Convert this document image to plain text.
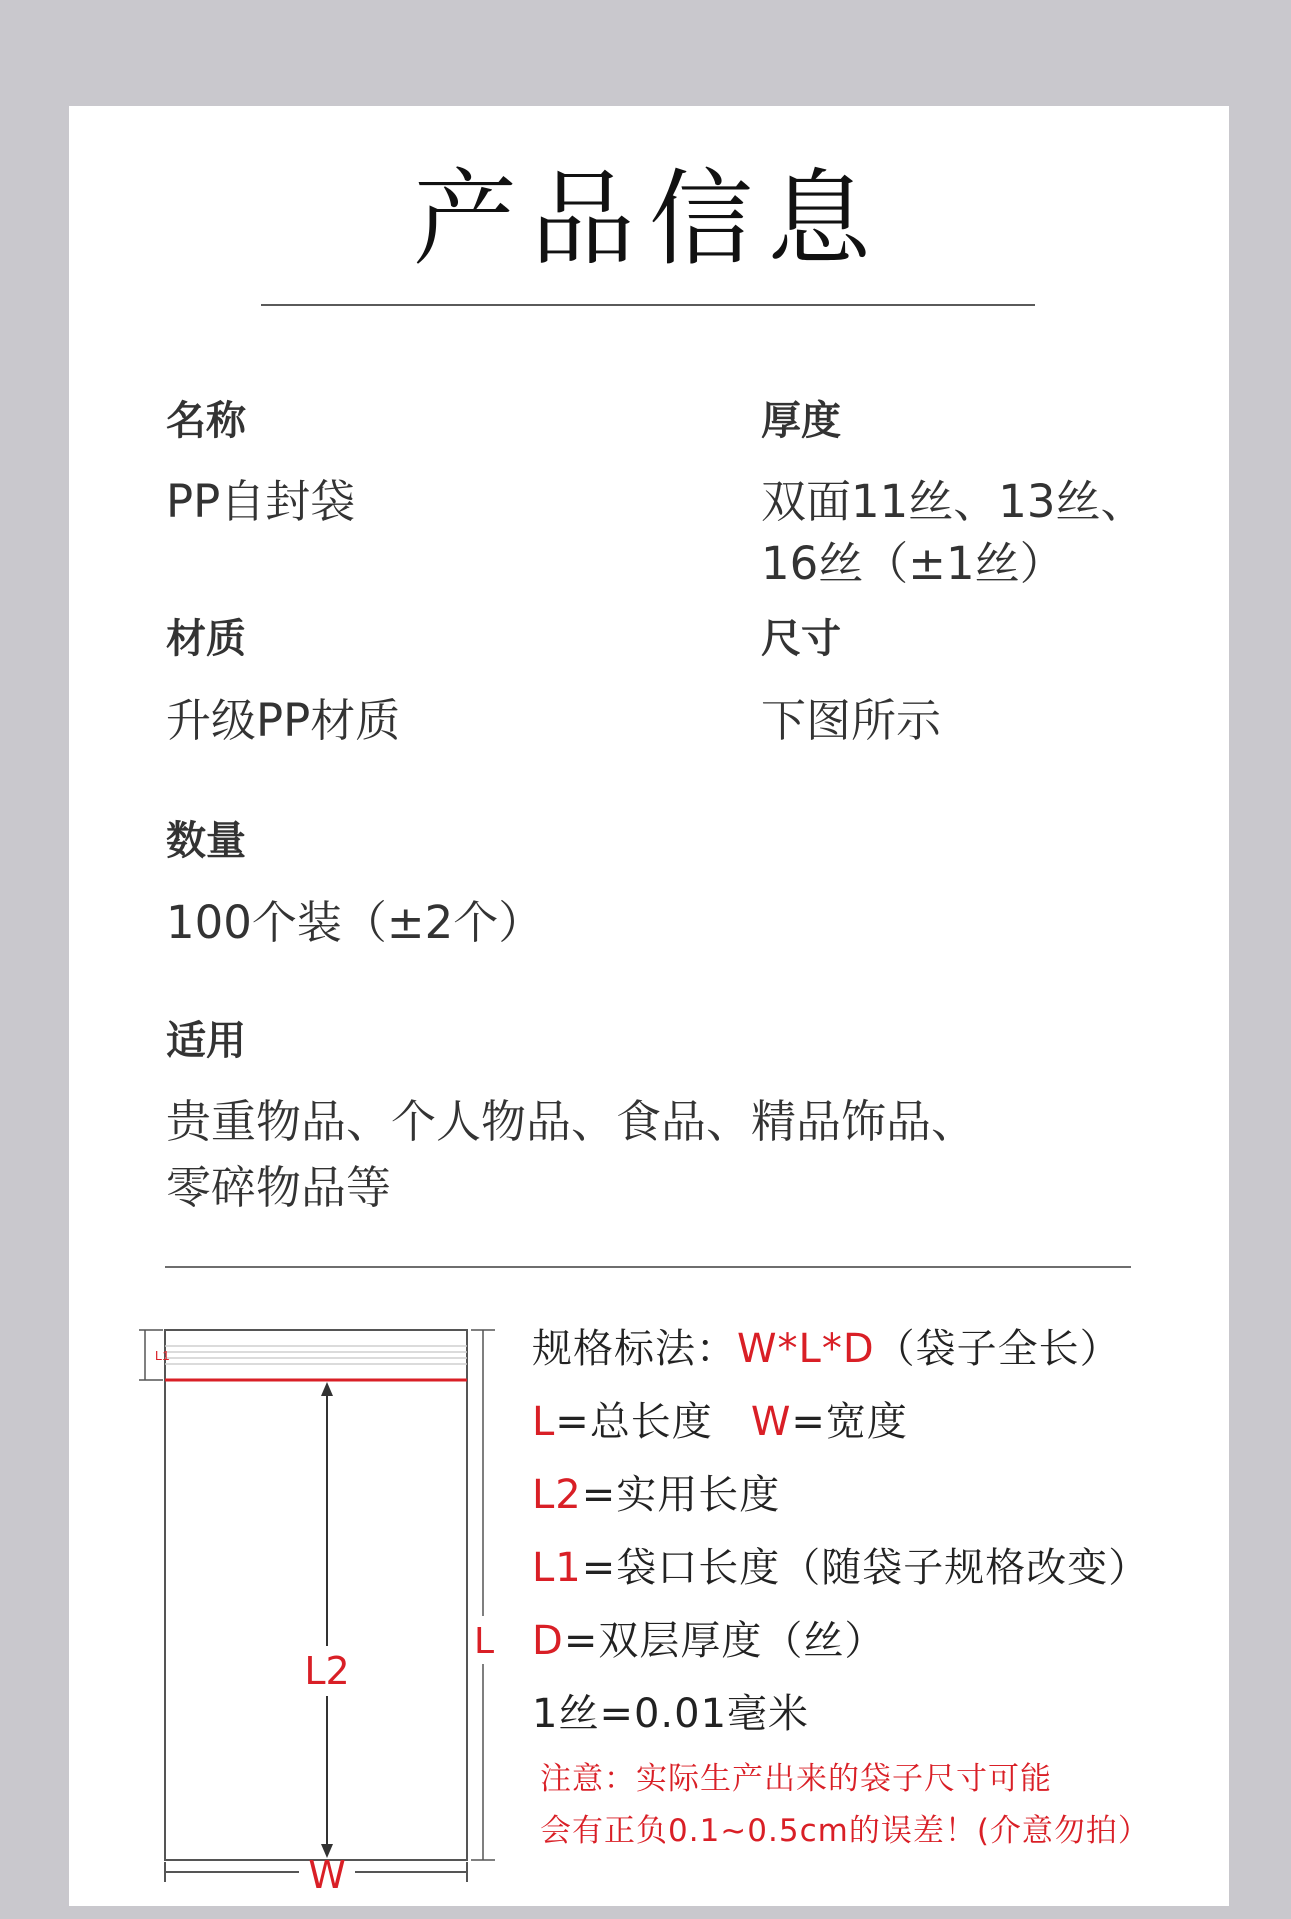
产品信息
名称
PP自封袋
材质
升级PP材质
数量
100个装（±2个）
适用
贵重物品、个人物品、食品、精品饰品、
零碎物品等
厚度
双面11丝、13丝、
16丝（±1丝）
尺寸
下图所示
L1
L2
L
W
规格标法：W*L*D（袋子全长）
L=总长度 W=宽度
L2=实用长度
L1=袋口长度（随袋子规格改变）
D=双层厚度（丝）
1丝=0.01毫米
注意：实际生产出来的袋子尺寸可能
会有正负0.1~0.5cm的误差！(介意勿拍）
